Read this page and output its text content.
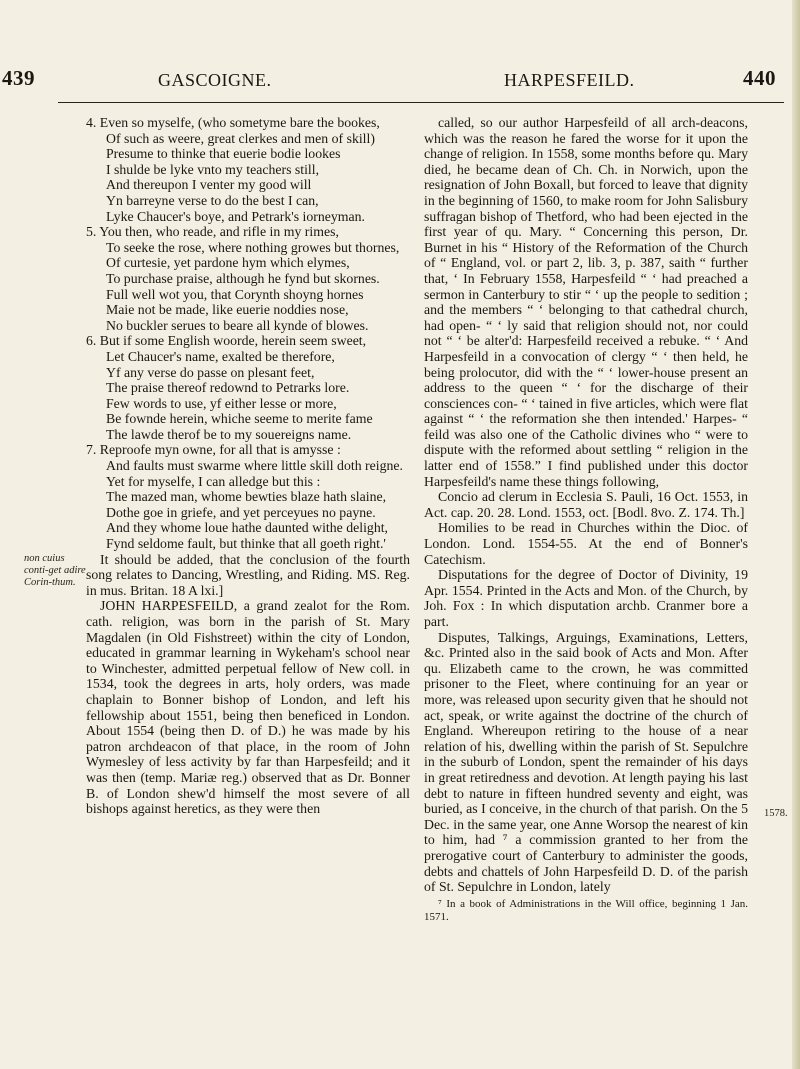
439	GASCOIGNE.	HARPESFEILD.	440
non cuius conti-get adire Corin-thum.
1578.

4. Even so myselfe, (who sometyme bare the bookes,

Of such as weere, great clerkes and men of skill)

Presume to thinke that euerie bodie lookes

I shulde be lyke vnto my teachers still,

And thereupon I venter my good will

Yn barreyne verse to do the best I can,

Lyke Chaucer's boye, and Petrark's iorneyman.

5. You then, who reade, and rifle in my rimes,

To seeke the rose, where nothing growes but thornes,

Of curtesie, yet pardone hym which elymes,

To purchase praise, although he fynd but skornes.

Full well wot you, that Corynth shoyng hornes

Maie not be made, like euerie noddies nose,

No buckler serues to beare all kynde of blowes.

6. But if some English woorde, herein seem sweet,

Let Chaucer's name, exalted be therefore,

Yf any verse do passe on plesant feet,

The praise thereof redownd to Petrarks lore.

Few words to use, yf either lesse or more,

Be fownde herein, whiche seeme to merite fame

The lawde therof be to my souereigns name.

7. Reproofe myn owne, for all that is amysse :

And faults must swarme where little skill doth reigne.

Yet for myselfe, I can alledge but this :

The mazed man, whome bewties blaze hath slaine,

Dothe goe in griefe, and yet perceyues no payne.

And they whome loue hathe daunted withe delight,

Fynd seldome fault, but thinke that all goeth right.'

It should be added, that the conclusion of the fourth song relates to Dancing, Wrestling, and Riding. MS. Reg. in mus. Britan. 18 A lxi.]

JOHN HARPESFEILD, a grand zealot for the Rom. cath. religion, was born in the parish of St. Mary Magdalen (in Old Fishstreet) within the city of London, educated in grammar learning in Wykeham's school near to Winchester, admitted perpetual fellow of New coll. in 1534, took the degrees in arts, holy orders, was made chaplain to Bonner bishop of London, and left his fellowship about 1551, being then beneficed in London. About 1554 (being then D. of D.) he was made by his patron archdeacon of that place, in the room of John Wymesley of less activity by far than Harpesfeild; and it was then (temp. Mariæ reg.) observed that as Dr. Bonner B. of London shew'd himself the most severe of all bishops against heretics, as they were then

called, so our author Harpesfeild of all arch-deacons, which was the reason he fared the worse for it upon the change of religion. In 1558, some months before qu. Mary died, he became dean of Ch. Ch. in Norwich, upon the resignation of John Boxall, but forced to leave that dignity in the beginning of 1560, to make room for John Salisbury suffragan bishop of Thetford, who had been ejected in the first year of qu. Mary. “ Concerning this person, Dr. Burnet in his “ History of the Reformation of the Church of “ England, vol. or part 2, lib. 3, p. 387, saith “ further that, ‘ In February 1558, Harpesfeild “ ‘ had preached a sermon in Canterbury to stir “ ‘ up the people to sedition ; and the members “ ‘ belonging to that cathedral church, had open- “ ‘ ly said that religion should not, nor could not “ ‘ be alter'd: Harpesfeild received a rebuke. “ ‘ And Harpesfeild in a convocation of clergy “ ‘ then held, he being prolocutor, did with the “ ‘ lower-house present an address to the queen “ ‘ for the discharge of their consciences con- “ ‘ tained in five articles, which were flat against “ ‘ the reformation she then intended.' Harpes- “ feild was also one of the Catholic divines who “ were to dispute with the reformed about settling “ religion in the latter end of 1558.” I find published under this doctor Harpesfeild's name these things following,

Concio ad clerum in Ecclesia S. Pauli, 16 Oct. 1553, in Act. cap. 20. 28. Lond. 1553, oct. [Bodl. 8vo. Z. 174. Th.]

Homilies to be read in Churches within the Dioc. of London. Lond. 1554-55. At the end of Bonner's Catechism.

Disputations for the degree of Doctor of Divinity, 19 Apr. 1554. Printed in the Acts and Mon. of the Church, by Joh. Fox : In which disputation archb. Cranmer bore a part.

Disputes, Talkings, Arguings, Examinations, Letters, &c. Printed also in the said book of Acts and Mon. After qu. Elizabeth came to the crown, he was committed prisoner to the Fleet, where continuing for an year or more, was released upon security given that he should not act, speak, or write against the doctrine of the church of England. Whereupon retiring to the house of a near relation of his, dwelling within the parish of St. Sepulchre in the suburb of London, spent the remainder of his days in great retiredness and devotion. At length paying his last debt to nature in fifteen hundred seventy and eight, was buried, as I conceive, in the church of that parish. On the 5 Dec. in the same year, one Anne Worsop the nearest of kin to him, had ⁷ a commission granted to her from the prerogative court of Canterbury to administer the goods, debts and chattels of John Harpesfeild D. D. of the parish of St. Sepulchre in London, lately

⁷ In a book of Administrations in the Will office, beginning 1 Jan. 1571.
